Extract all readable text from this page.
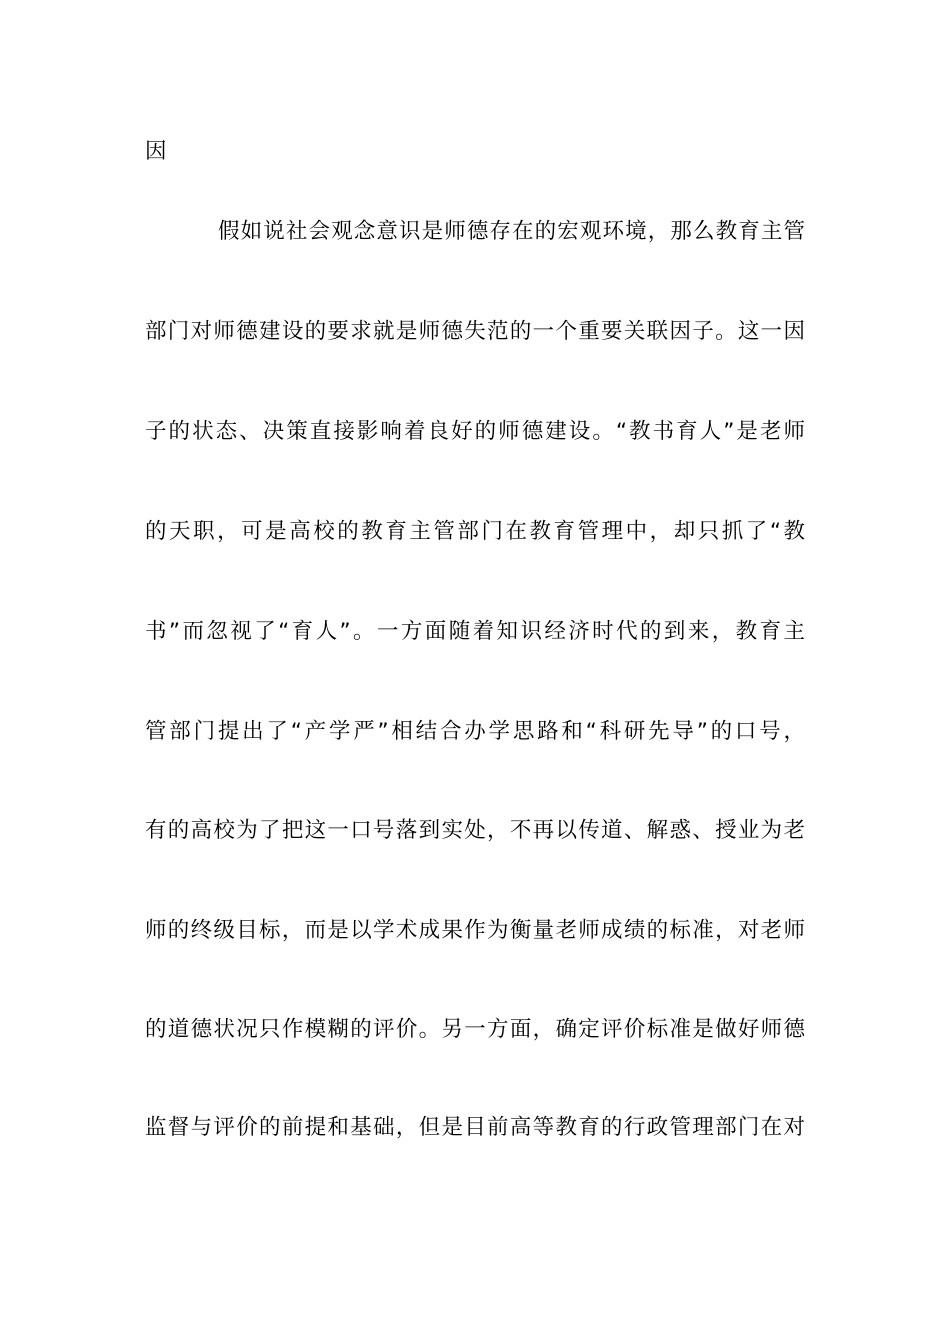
因
假如说社会观念意识是师德存在的宏观环境，那么教育主管
部门对师德建设的要求就是师德失范的一个重要关联因子。这一因
子的状态、决策直接影响着良好的师德建设。“教书育人”是老师
的天职，可是高校的教育主管部门在教育管理中，却只抓了“教
书”而忽视了“育人”。一方面随着知识经济时代的到来，教育主
管部门提出了“产学严”相结合办学思路和“科研先导”的口号，
有的高校为了把这一口号落到实处，不再以传道、解惑、授业为老
师的终级目标，而是以学术成果作为衡量老师成绩的标准，对老师
的道德状况只作模糊的评价。另一方面，确定评价标准是做好师德
监督与评价的前提和基础，但是目前高等教育的行政管理部门在对
